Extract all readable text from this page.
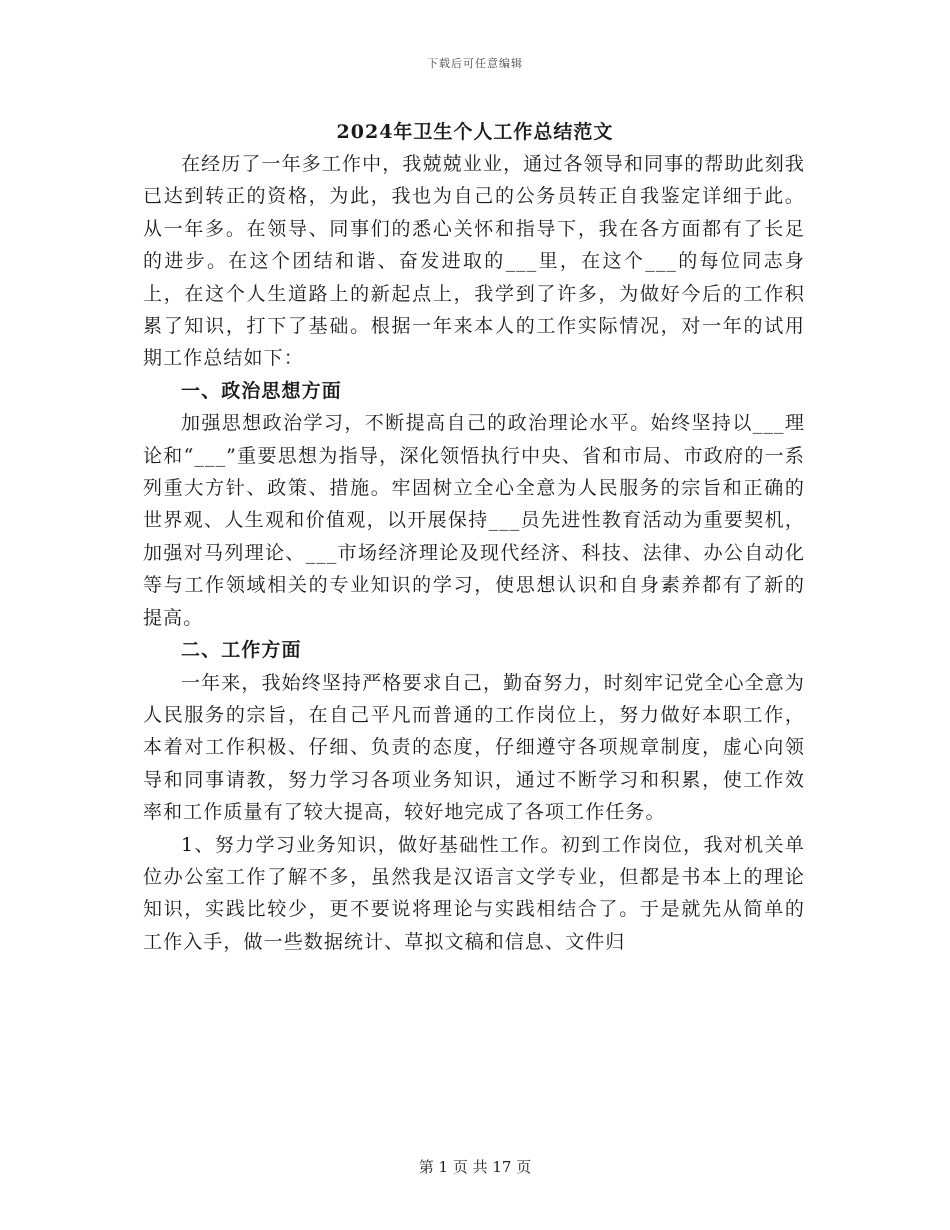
下载后可任意编辑
2024年卫生个人工作总结范文

在经历了一年多工作中，我兢兢业业，通过各领导和同事的帮助此刻我已达到转正的资格，为此，我也为自己的公务员转正自我鉴定详细于此。从一年多。在领导、同事们的悉心关怀和指导下，我在各方面都有了长足的进步。在这个团结和谐、奋发进取的___里，在这个___的每位同志身上，在这个人生道路上的新起点上，我学到了许多，为做好今后的工作积累了知识，打下了基础。根据一年来本人的工作实际情况，对一年的试用期工作总结如下：

一、政治思想方面

加强思想政治学习，不断提高自己的政治理论水平。始终坚持以___理论和“___”重要思想为指导，深化领悟执行中央、省和市局、市政府的一系列重大方针、政策、措施。牢固树立全心全意为人民服务的宗旨和正确的世界观、人生观和价值观，以开展保持___员先进性教育活动为重要契机，加强对马列理论、___市场经济理论及现代经济、科技、法律、办公自动化等与工作领域相关的专业知识的学习，使思想认识和自身素养都有了新的提高。

二、工作方面

一年来，我始终坚持严格要求自己，勤奋努力，时刻牢记党全心全意为人民服务的宗旨，在自己平凡而普通的工作岗位上，努力做好本职工作，本着对工作积极、仔细、负责的态度，仔细遵守各项规章制度，虚心向领导和同事请教，努力学习各项业务知识，通过不断学习和积累，使工作效率和工作质量有了较大提高，较好地完成了各项工作任务。

1、努力学习业务知识，做好基础性工作。初到工作岗位，我对机关单位办公室工作了解不多，虽然我是汉语言文学专业，但都是书本上的理论知识，实践比较少，更不要说将理论与实践相结合了。于是就先从简单的工作入手，做一些数据统计、草拟文稿和信息、文件归

第 1 页 共 17 页
